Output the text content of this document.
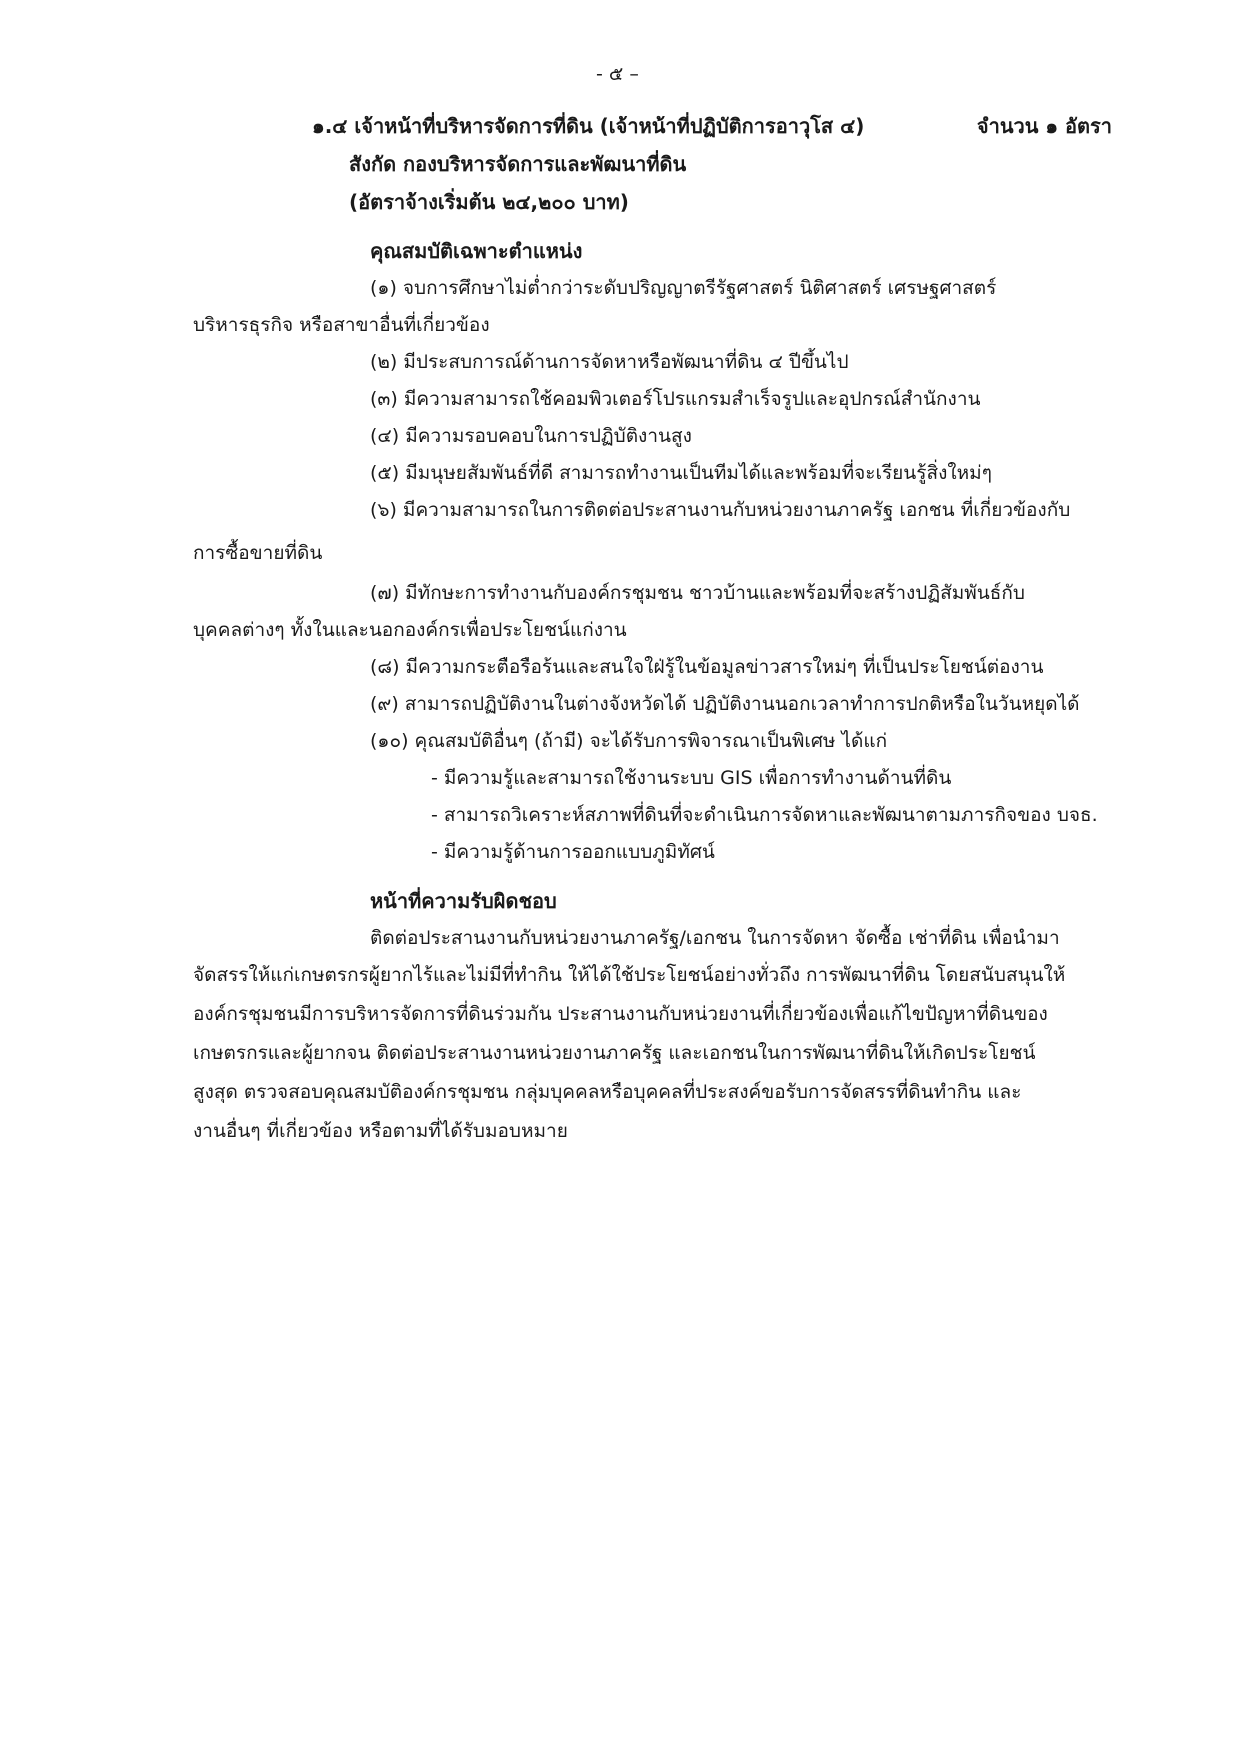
- ๕ –
๑.๔ เจ้าหน้าที่บริหารจัดการที่ดิน (เจ้าหน้าที่ปฏิบัติการอาวุโส ๔)	จำนวน ๑ อัตรา
สังกัด กองบริหารจัดการและพัฒนาที่ดิน
(อัตราจ้างเริ่มต้น ๒๔,๒๐๐ บาท)
คุณสมบัติเฉพาะตำแหน่ง
(๑) จบการศึกษาไม่ต่ำกว่าระดับปริญญาตรีรัฐศาสตร์ นิติศาสตร์ เศรษฐศาสตร์
บริหารธุรกิจ หรือสาขาอื่นที่เกี่ยวข้อง
(๒) มีประสบการณ์ด้านการจัดหาหรือพัฒนาที่ดิน ๔ ปีขึ้นไป
(๓) มีความสามารถใช้คอมพิวเตอร์โปรแกรมสำเร็จรูปและอุปกรณ์สำนักงาน
(๔) มีความรอบคอบในการปฏิบัติงานสูง
(๕) มีมนุษยสัมพันธ์ที่ดี สามารถทำงานเป็นทีมได้และพร้อมที่จะเรียนรู้สิ่งใหม่ๆ
(๖) มีความสามารถในการติดต่อประสานงานกับหน่วยงานภาครัฐ เอกชน ที่เกี่ยวข้องกับ
การซื้อขายที่ดิน
(๗) มีทักษะการทำงานกับองค์กรชุมชน ชาวบ้านและพร้อมที่จะสร้างปฏิสัมพันธ์กับ
บุคคลต่างๆ ทั้งในและนอกองค์กรเพื่อประโยชน์แก่งาน
(๘) มีความกระตือรือร้นและสนใจใฝ่รู้ในข้อมูลข่าวสารใหม่ๆ ที่เป็นประโยชน์ต่องาน
(๙) สามารถปฏิบัติงานในต่างจังหวัดได้ ปฏิบัติงานนอกเวลาทำการปกติหรือในวันหยุดได้
(๑๐) คุณสมบัติอื่นๆ (ถ้ามี) จะได้รับการพิจารณาเป็นพิเศษ ได้แก่
- มีความรู้และสามารถใช้งานระบบ GIS เพื่อการทำงานด้านที่ดิน
- สามารถวิเคราะห์สภาพที่ดินที่จะดำเนินการจัดหาและพัฒนาตามภารกิจของ บจธ.
- มีความรู้ด้านการออกแบบภูมิทัศน์
หน้าที่ความรับผิดชอบ
ติดต่อประสานงานกับหน่วยงานภาครัฐ/เอกชน ในการจัดหา จัดซื้อ เช่าที่ดิน เพื่อนำมา
จัดสรรให้แก่เกษตรกรผู้ยากไร้และไม่มีที่ทำกิน ให้ได้ใช้ประโยชน์อย่างทั่วถึง การพัฒนาที่ดิน โดยสนับสนุนให้
องค์กรชุมชนมีการบริหารจัดการที่ดินร่วมกัน ประสานงานกับหน่วยงานที่เกี่ยวข้องเพื่อแก้ไขปัญหาที่ดินของ
เกษตรกรและผู้ยากจน ติดต่อประสานงานหน่วยงานภาครัฐ และเอกชนในการพัฒนาที่ดินให้เกิดประโยชน์
สูงสุด ตรวจสอบคุณสมบัติองค์กรชุมชน กลุ่มบุคคลหรือบุคคลที่ประสงค์ขอรับการจัดสรรที่ดินทำกิน และ
งานอื่นๆ ที่เกี่ยวข้อง หรือตามที่ได้รับมอบหมาย
